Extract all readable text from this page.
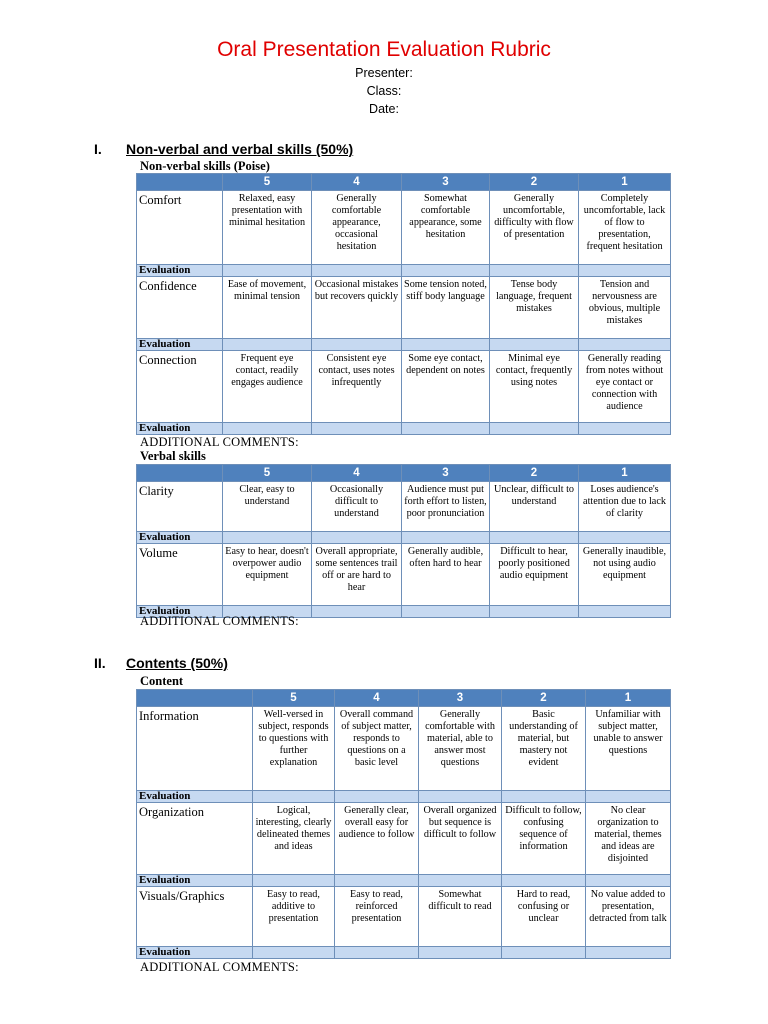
Oral Presentation Evaluation Rubric
Presenter:
Class:
Date:
I. Non-verbal and verbal skills (50%)
Non-verbal skills (Poise)
	5	4	3	2	1
Comfort	Relaxed, easy presentation with minimal hesitation	Generally comfortable appearance, occasional hesitation	Somewhat comfortable appearance, some hesitation	Generally uncomfortable, difficulty with flow of presentation	Completely uncomfortable, lack of flow to presentation, frequent hesitation
Evaluation					
Confidence	Ease of movement, minimal tension	Occasional mistakes but recovers quickly	Some tension noted, stiff body language	Tense body language, frequent mistakes	Tension and nervousness are obvious, multiple mistakes
Evaluation					
Connection	Frequent eye contact, readily engages audience	Consistent eye contact, uses notes infrequently	Some eye contact, dependent on notes	Minimal eye contact, frequently using notes	Generally reading from notes without eye contact or connection with audience
Evaluation					
ADDITIONAL COMMENTS:
Verbal skills
	5	4	3	2	1
Clarity	Clear, easy to understand	Occasionally difficult to understand	Audience must put forth effort to listen, poor pronunciation	Unclear, difficult to understand	Loses audience's attention due to lack of clarity
Evaluation					
Volume	Easy to hear, doesn't overpower audio equipment	Overall appropriate, some sentences trail off or are hard to hear	Generally audible, often hard to hear	Difficult to hear, poorly positioned audio equipment	Generally inaudible, not using audio equipment
Evaluation					
ADDITIONAL COMMENTS:
II. Contents (50%)
Content
	5	4	3	2	1
Information	Well-versed in subject, responds to questions with further explanation	Overall command of subject matter, responds to questions on a basic level	Generally comfortable with material, able to answer most questions	Basic understanding of material, but mastery not evident	Unfamiliar with subject matter, unable to answer questions
Evaluation					
Organization	Logical, interesting, clearly delineated themes and ideas	Generally clear, overall easy for audience to follow	Overall organized but sequence is difficult to follow	Difficult to follow, confusing sequence of information	No clear organization to material, themes and ideas are disjointed
Evaluation					
Visuals/Graphics	Easy to read, additive to presentation	Easy to read, reinforced presentation	Somewhat difficult to read	Hard to read, confusing or unclear	No value added to presentation, detracted from talk
Evaluation					
ADDITIONAL COMMENTS:
